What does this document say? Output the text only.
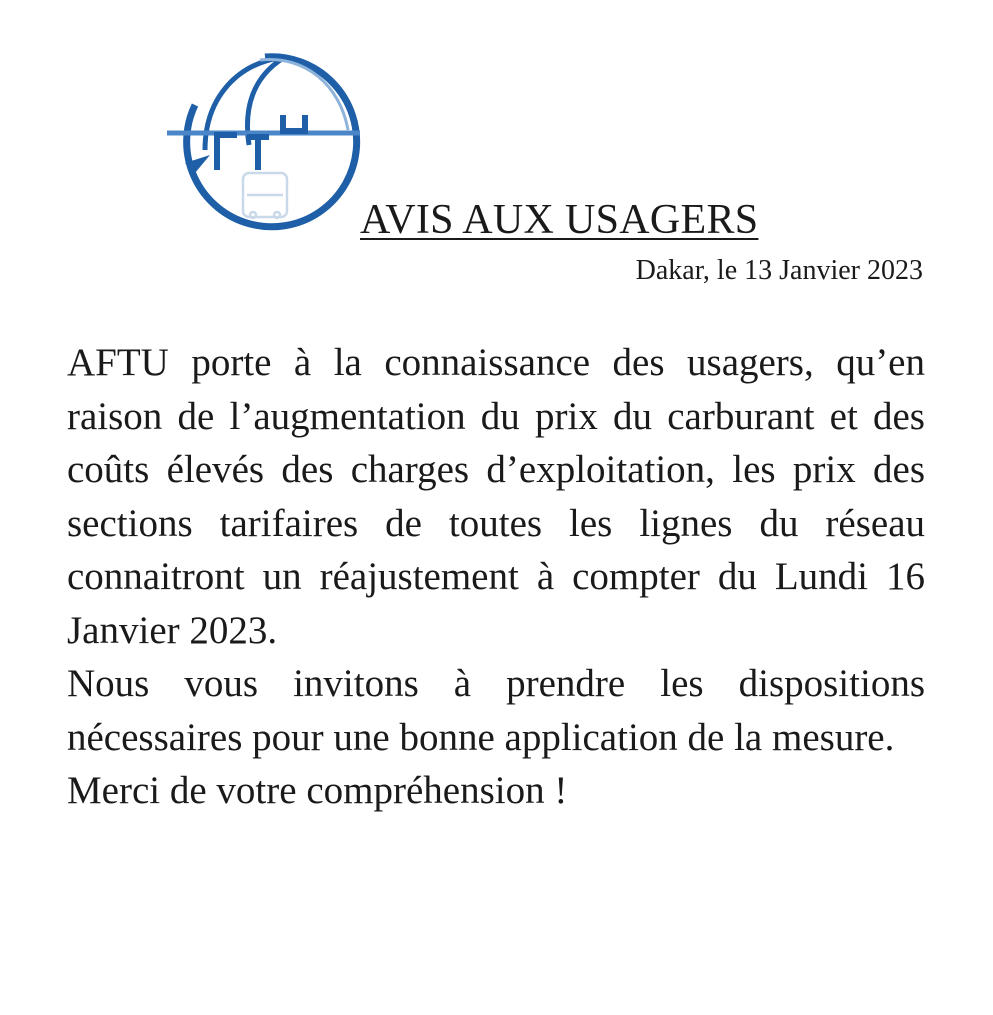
AVIS AUX USAGERS
Dakar, le 13 Janvier 2023

AFTU porte à la connaissance des usagers, qu’en raison de l’augmentation du prix du carburant et des coûts élevés des charges d’exploitation, les prix des sections tarifaires de toutes les lignes du réseau connaitront un réajustement à compter du Lundi 16 Janvier 2023.

Nous vous invitons à prendre les dispositions nécessaires pour une bonne application de la mesure.

Merci de votre compréhension !
